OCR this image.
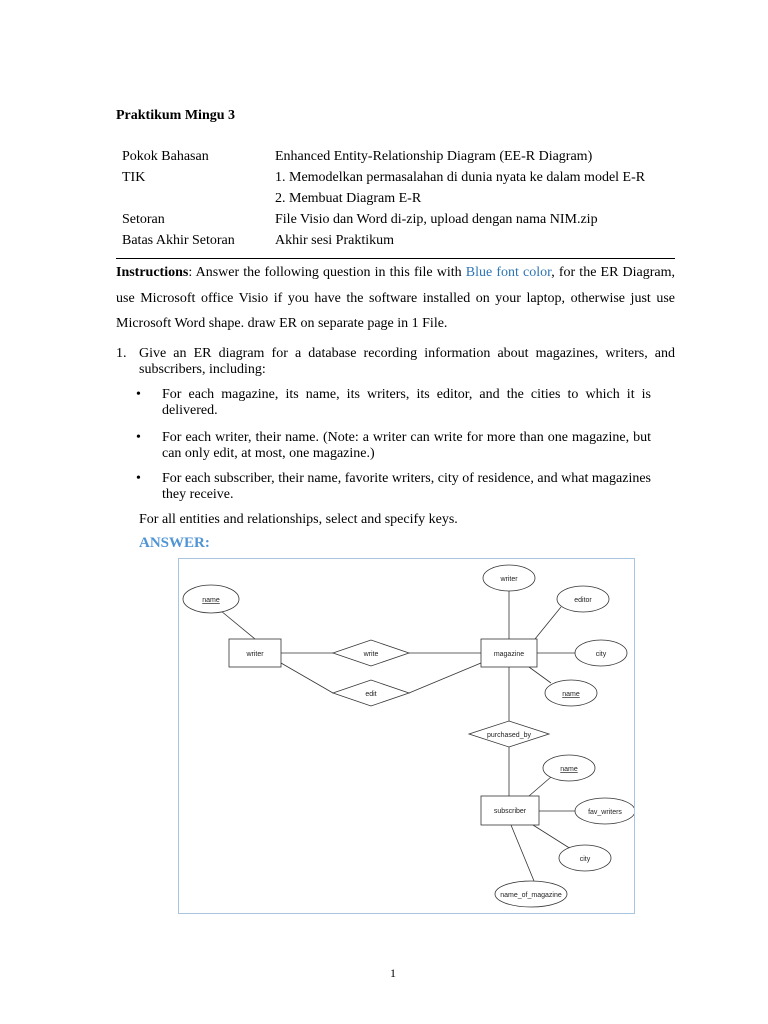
Praktikum Mingu 3
Pokok Bahasan	Enhanced Entity-Relationship Diagram (EE-R Diagram)
TIK	1. Memodelkan permasalahan di dunia nyata ke dalam model E-R
2. Membuat Diagram E-R
Setoran	File Visio dan Word di-zip, upload dengan nama NIM.zip
Batas Akhir Setoran	Akhir sesi Praktikum
Instructions: Answer the following question in this file with Blue font color, for the ER Diagram, use Microsoft office Visio if you have the software installed on your laptop, otherwise just use Microsoft Word shape. draw ER on separate page in 1 File.
1. Give an ER diagram for a database recording information about magazines, writers, and subscribers, including:
• For each magazine, its name, its writers, its editor, and the cities to which it is delivered.
• For each writer, their name. (Note: a writer can write for more than one magazine, but can only edit, at most, one magazine.)
• For each subscriber, their name, favorite writers, city of residence, and what magazines they receive.
For all entities and relationships, select and specify keys.
ANSWER:
writer	magazine
subscriber
write
edit
purchased_by
name
writer
editor
city
name
name
fav_writers
city
name_of_magazine
1
